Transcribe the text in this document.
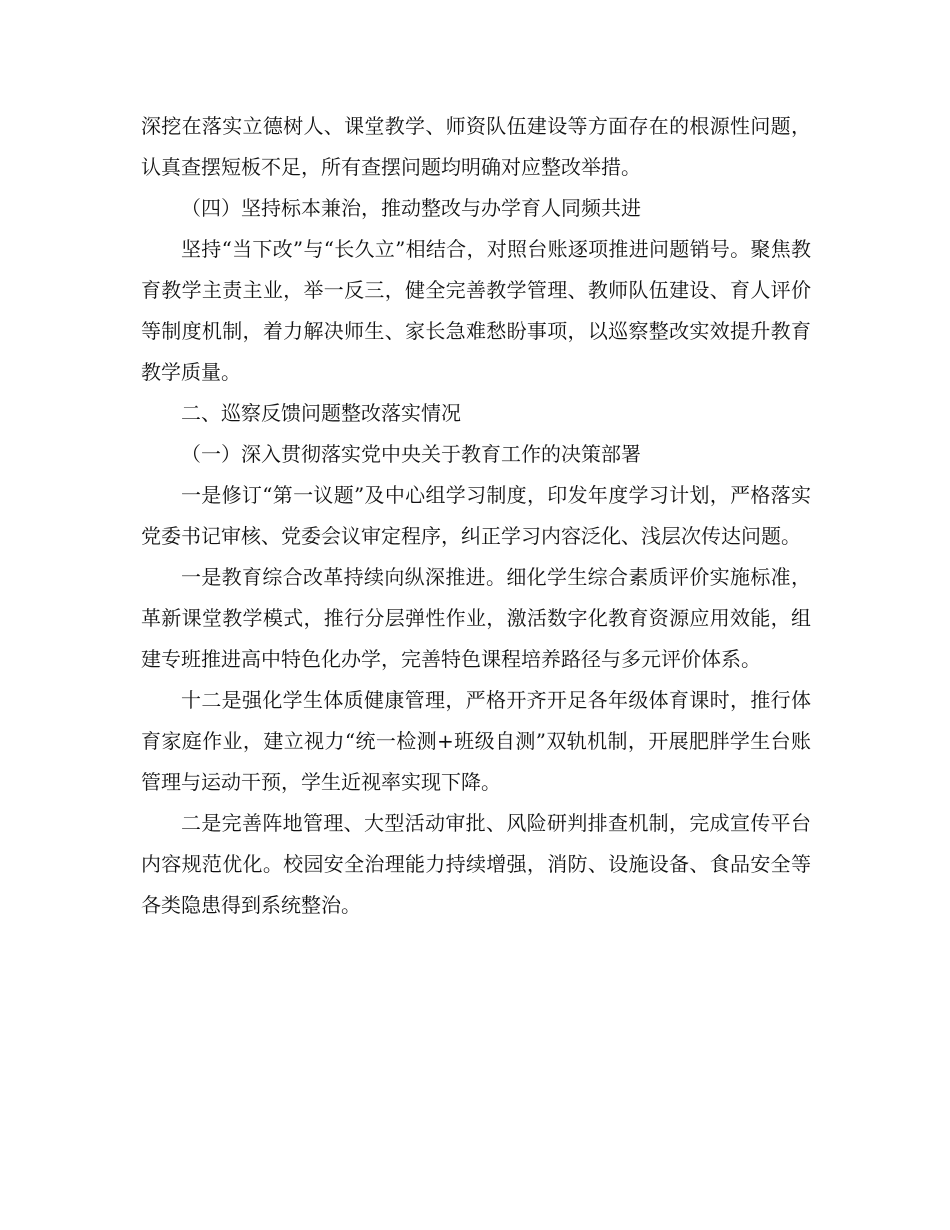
深挖在落实立德树人、课堂教学、师资队伍建设等方面存在的根源性问题，认真查摆短板不足，所有查摆问题均明确对应整改举措。

（四）坚持标本兼治，推动整改与办学育人同频共进

坚持“当下改”与“长久立”相结合，对照台账逐项推进问题销号。聚焦教育教学主责主业，举一反三，健全完善教学管理、教师队伍建设、育人评价等制度机制，着力解决师生、家长急难愁盼事项，以巡察整改实效提升教育教学质量。

二、巡察反馈问题整改落实情况

（一）深入贯彻落实党中央关于教育工作的决策部署

一是修订“第一议题”及中心组学习制度，印发年度学习计划，严格落实党委书记审核、党委会议审定程序，纠正学习内容泛化、浅层次传达问题。

一是教育综合改革持续向纵深推进。细化学生综合素质评价实施标准，革新课堂教学模式，推行分层弹性作业，激活数字化教育资源应用效能，组建专班推进高中特色化办学，完善特色课程培养路径与多元评价体系。

十二是强化学生体质健康管理，严格开齐开足各年级体育课时，推行体育家庭作业，建立视力“统一检测+班级自测”双轨机制，开展肥胖学生台账管理与运动干预，学生近视率实现下降。

二是完善阵地管理、大型活动审批、风险研判排查机制，完成宣传平台内容规范优化。校园安全治理能力持续增强，消防、设施设备、食品安全等各类隐患得到系统整治。
